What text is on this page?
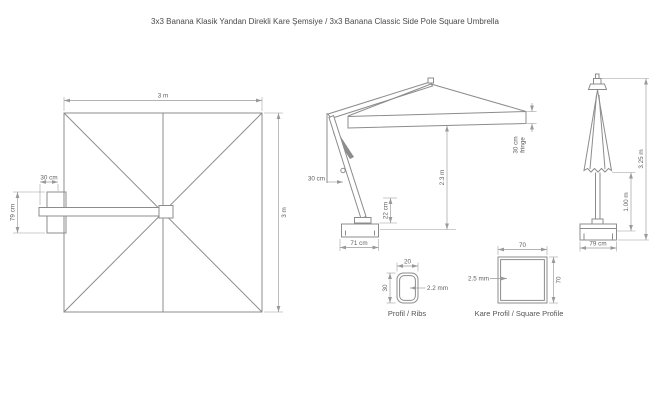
3x3 Banana Klasik Yandan Direkli Kare Şemsiye / 3x3 Banana Classic Side Pole Square Umbrella
3 m
3 m
30 cm
79 cm
30 cm	2.3 m
22 cm
71 cm
30 cm fringe
3.25 m
1.00 m
79 cm
20
30	2.2 mm
Profil / Ribs
70
70
2.5 mm
Kare Profil / Square Profile
